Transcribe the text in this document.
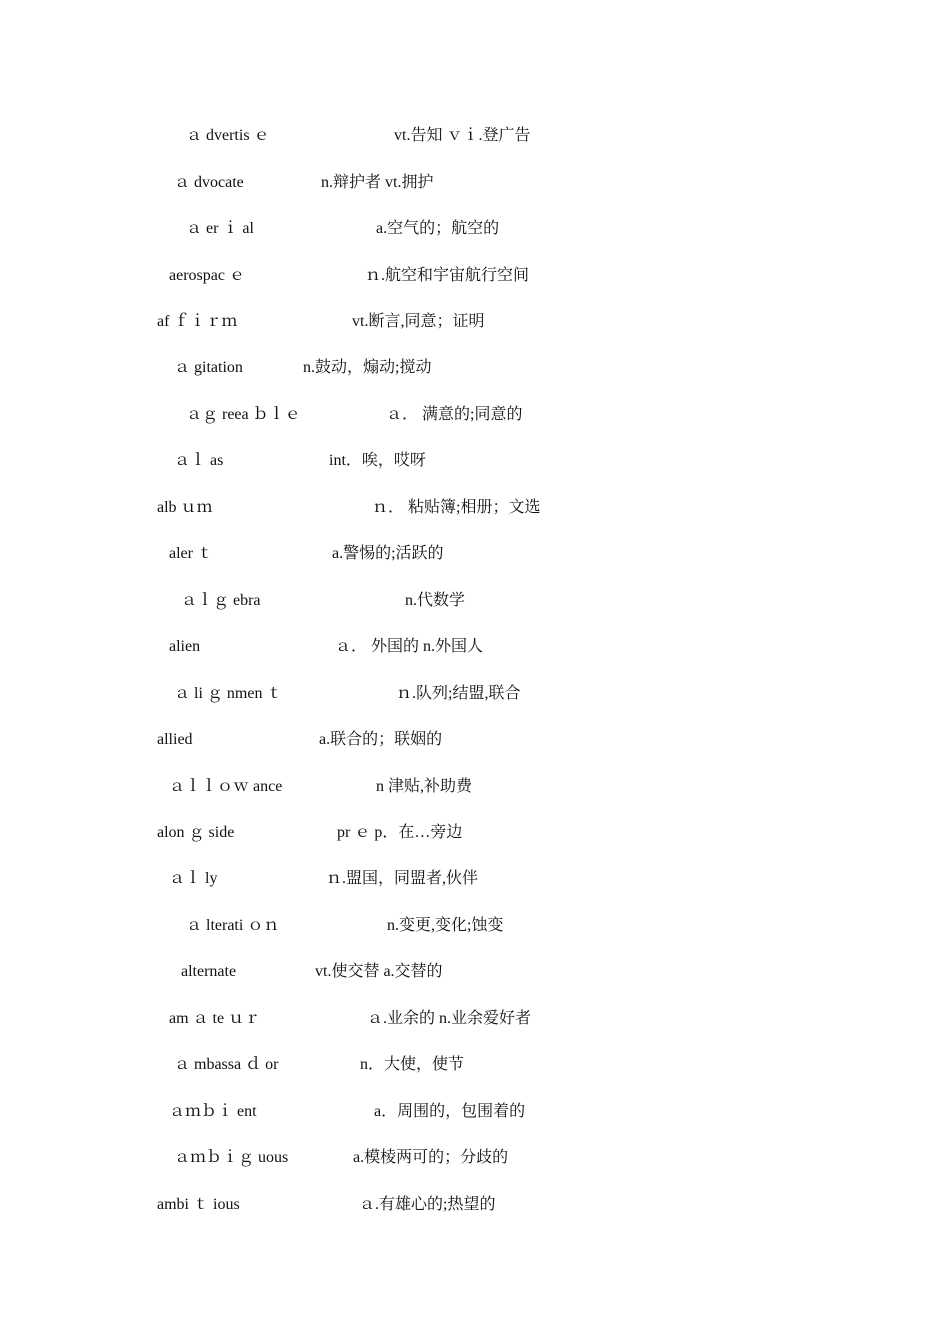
ａ dvertis ｅ	vt.告知 ｖｉ.登广告
ａ dvocate	n.辩护者 vt.拥护
ａ er ｉ al	a.空气的；航空的
aerospac ｅ	ｎ.航空和宇宙航行空间
af ｆｉｒｍ	vt.断言,同意；证明
ａ gitation	n.鼓动，煽动;搅动
ａｇ reea ｂｌｅ	ａ． 满意的;同意的
ａｌ as	int．唉，哎呀
alb ｕｍ	ｎ． 粘贴簿;相册；文选
aler ｔ	a.警惕的;活跃的
ａｌｇ ebra	n.代数学
alien	ａ． 外国的 n.外国人
ａ li ｇ nmen ｔ	ｎ.队列;结盟,联合
allied	a.联合的；联姻的
ａｌｌｏｗ ance	n 津贴,补助费
alon ｇ side	pr ｅ p．在…旁边
ａｌ ly	ｎ.盟国，同盟者,伙伴
ａ lterati ｏｎ	n.变更,变化;蚀变
alternate	vt.使交替 a.交替的
am ａ te ｕｒ	ａ.业余的 n.业余爱好者
ａ mbassa ｄ or	n．大使，使节
ａｍｂｉ ent	a．周围的，包围着的
ａｍｂｉｇ uous	a.模棱两可的；分歧的
ambi ｔ ious	ａ.有雄心的;热望的
